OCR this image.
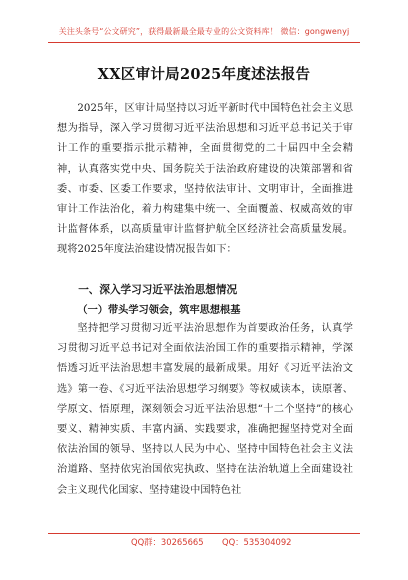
关注头条号“公文研究”，获得最新最全最专业的公文资料库！ 微信：gongwenyj
XX区审计局2025年度述法报告

2025年，区审计局坚持以习近平新时代中国特色社会主义思想为指导，深入学习贯彻习近平法治思想和习近平总书记关于审计工作的重要指示批示精神，全面贯彻党的二十届四中全会精神，认真落实党中央、国务院关于法治政府建设的决策部署和省委、市委、区委工作要求，坚持依法审计、文明审计，全面推进审计工作法治化，着力构建集中统一、全面覆盖、权威高效的审计监督体系，以高质量审计监督护航全区经济社会高质量发展。现将2025年度法治建设情况报告如下：

一、深入学习习近平法治思想情况
（一）带头学习领会，筑牢思想根基

坚持把学习贯彻习近平法治思想作为首要政治任务，认真学习贯彻习近平总书记对全面依法治国工作的重要指示精神，学深悟透习近平法治思想丰富发展的最新成果。用好《习近平法治文选》第一卷、《习近平法治思想学习纲要》等权威读本，读原著、学原文、悟原理，深刻领会习近平法治思想“十二个坚持”的核心要义、精神实质、丰富内涵、实践要求，准确把握坚持党对全面依法治国的领导、坚持以人民为中心、坚持中国特色社会主义法治道路、坚持依宪治国依宪执政、坚持在法治轨道上全面建设社会主义现代化国家、坚持建设中国特色社

QQ群：30265665 QQ：535304092
